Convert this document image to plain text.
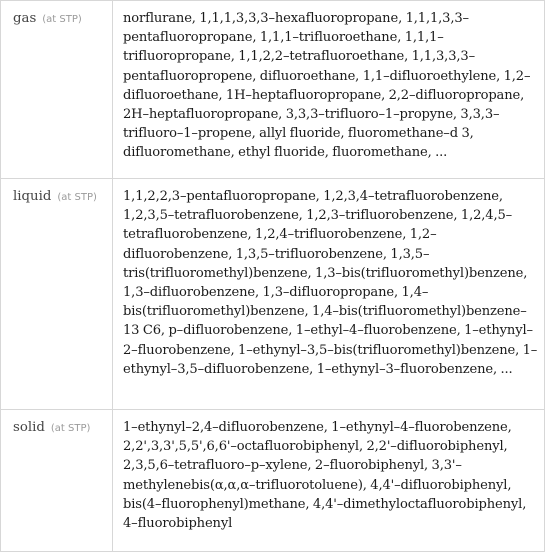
gas (at STP)	norflurane, 1,1,1,3,3,3–hexafluoropropane, 1,1,1,3,3–pentafluoropropane, 1,1,1–trifluoroethane, 1,1,1–trifluoropropane, 1,1,2,2–tetrafluoroethane, 1,1,3,3,3–pentafluoropropene, difluoroethane, 1,1–difluoroethylene, 1,2–difluoroethane, 1H–heptafluoropropane, 2,2–difluoropropane, 2H–heptafluoropropane, 3,3,3–trifluoro–1–propyne, 3,3,3–trifluoro–1–propene, allyl fluoride, fluoromethane–d 3, difluoromethane, ethyl fluoride, fluoromethane, ...

liquid (at STP)	1,1,2,2,3–pentafluoropropane, 1,2,3,4–tetrafluorobenzene, 1,2,3,5–tetrafluorobenzene, 1,2,3–trifluorobenzene, 1,2,4,5–tetrafluorobenzene, 1,2,4–trifluorobenzene, 1,2–difluorobenzene, 1,3,5–trifluorobenzene, 1,3,5–tris(trifluoromethyl)benzene, 1,3–bis(trifluoromethyl)benzene, 1,3–difluorobenzene, 1,3–difluoropropane, 1,4–bis(trifluoromethyl)benzene, 1,4–bis(trifluoromethyl)benzene–13 C6, p–difluorobenzene, 1–ethyl–4–fluorobenzene, 1–ethynyl–2–fluorobenzene, 1–ethynyl–3,5–bis(trifluoromethyl)benzene, 1–ethynyl–3,5–difluorobenzene, 1–ethynyl–3–fluorobenzene, ...

solid (at STP)	1–ethynyl–2,4–difluorobenzene, 1–ethynyl–4–fluorobenzene, 2,2',3,3',5,5',6,6'–octafluorobiphenyl, 2,2'–difluorobiphenyl, 2,3,5,6–tetrafluoro–p–xylene, 2–fluorobiphenyl, 3,3'–methylenebis(α,α,α–trifluorotoluene), 4,4'–difluorobiphenyl, bis(4–fluorophenyl)methane, 4,4'–dimethyloctafluorobiphenyl, 4–fluorobiphenyl
